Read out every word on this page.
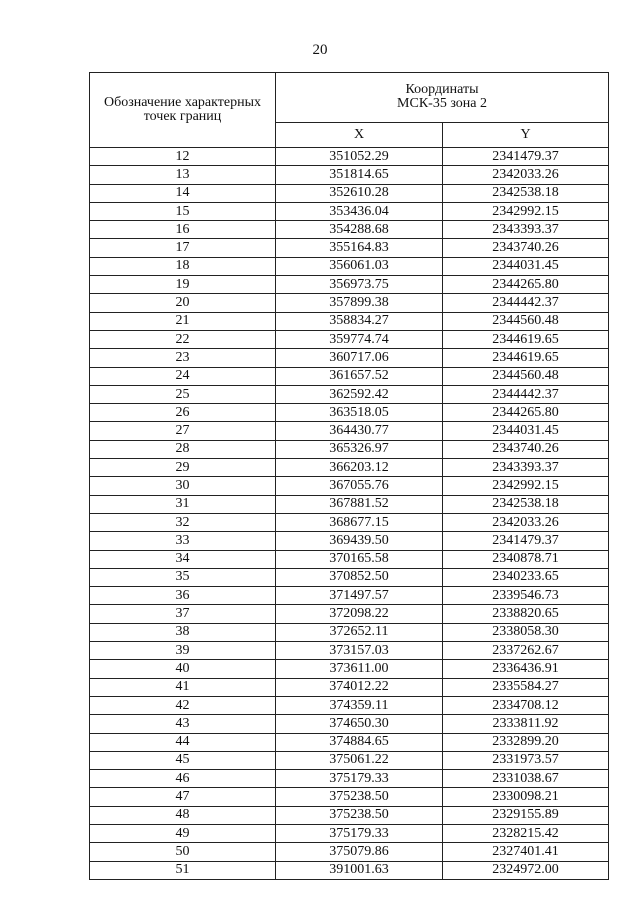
20
Обозначение характерных точек границ	Координаты
МСК-35 зона 2	

	X	Y
12	351052.29	2341479.37
13	351814.65	2342033.26
14	352610.28	2342538.18
15	353436.04	2342992.15
16	354288.68	2343393.37
17	355164.83	2343740.26
18	356061.03	2344031.45
19	356973.75	2344265.80
20	357899.38	2344442.37
21	358834.27	2344560.48
22	359774.74	2344619.65
23	360717.06	2344619.65
24	361657.52	2344560.48
25	362592.42	2344442.37
26	363518.05	2344265.80
27	364430.77	2344031.45
28	365326.97	2343740.26
29	366203.12	2343393.37
30	367055.76	2342992.15
31	367881.52	2342538.18
32	368677.15	2342033.26
33	369439.50	2341479.37
34	370165.58	2340878.71
35	370852.50	2340233.65
36	371497.57	2339546.73
37	372098.22	2338820.65
38	372652.11	2338058.30
39	373157.03	2337262.67
40	373611.00	2336436.91
41	374012.22	2335584.27
42	374359.11	2334708.12
43	374650.30	2333811.92
44	374884.65	2332899.20
45	375061.22	2331973.57
46	375179.33	2331038.67
47	375238.50	2330098.21
48	375238.50	2329155.89
49	375179.33	2328215.42
50	375079.86	2327401.41
51	391001.63	2324972.00
